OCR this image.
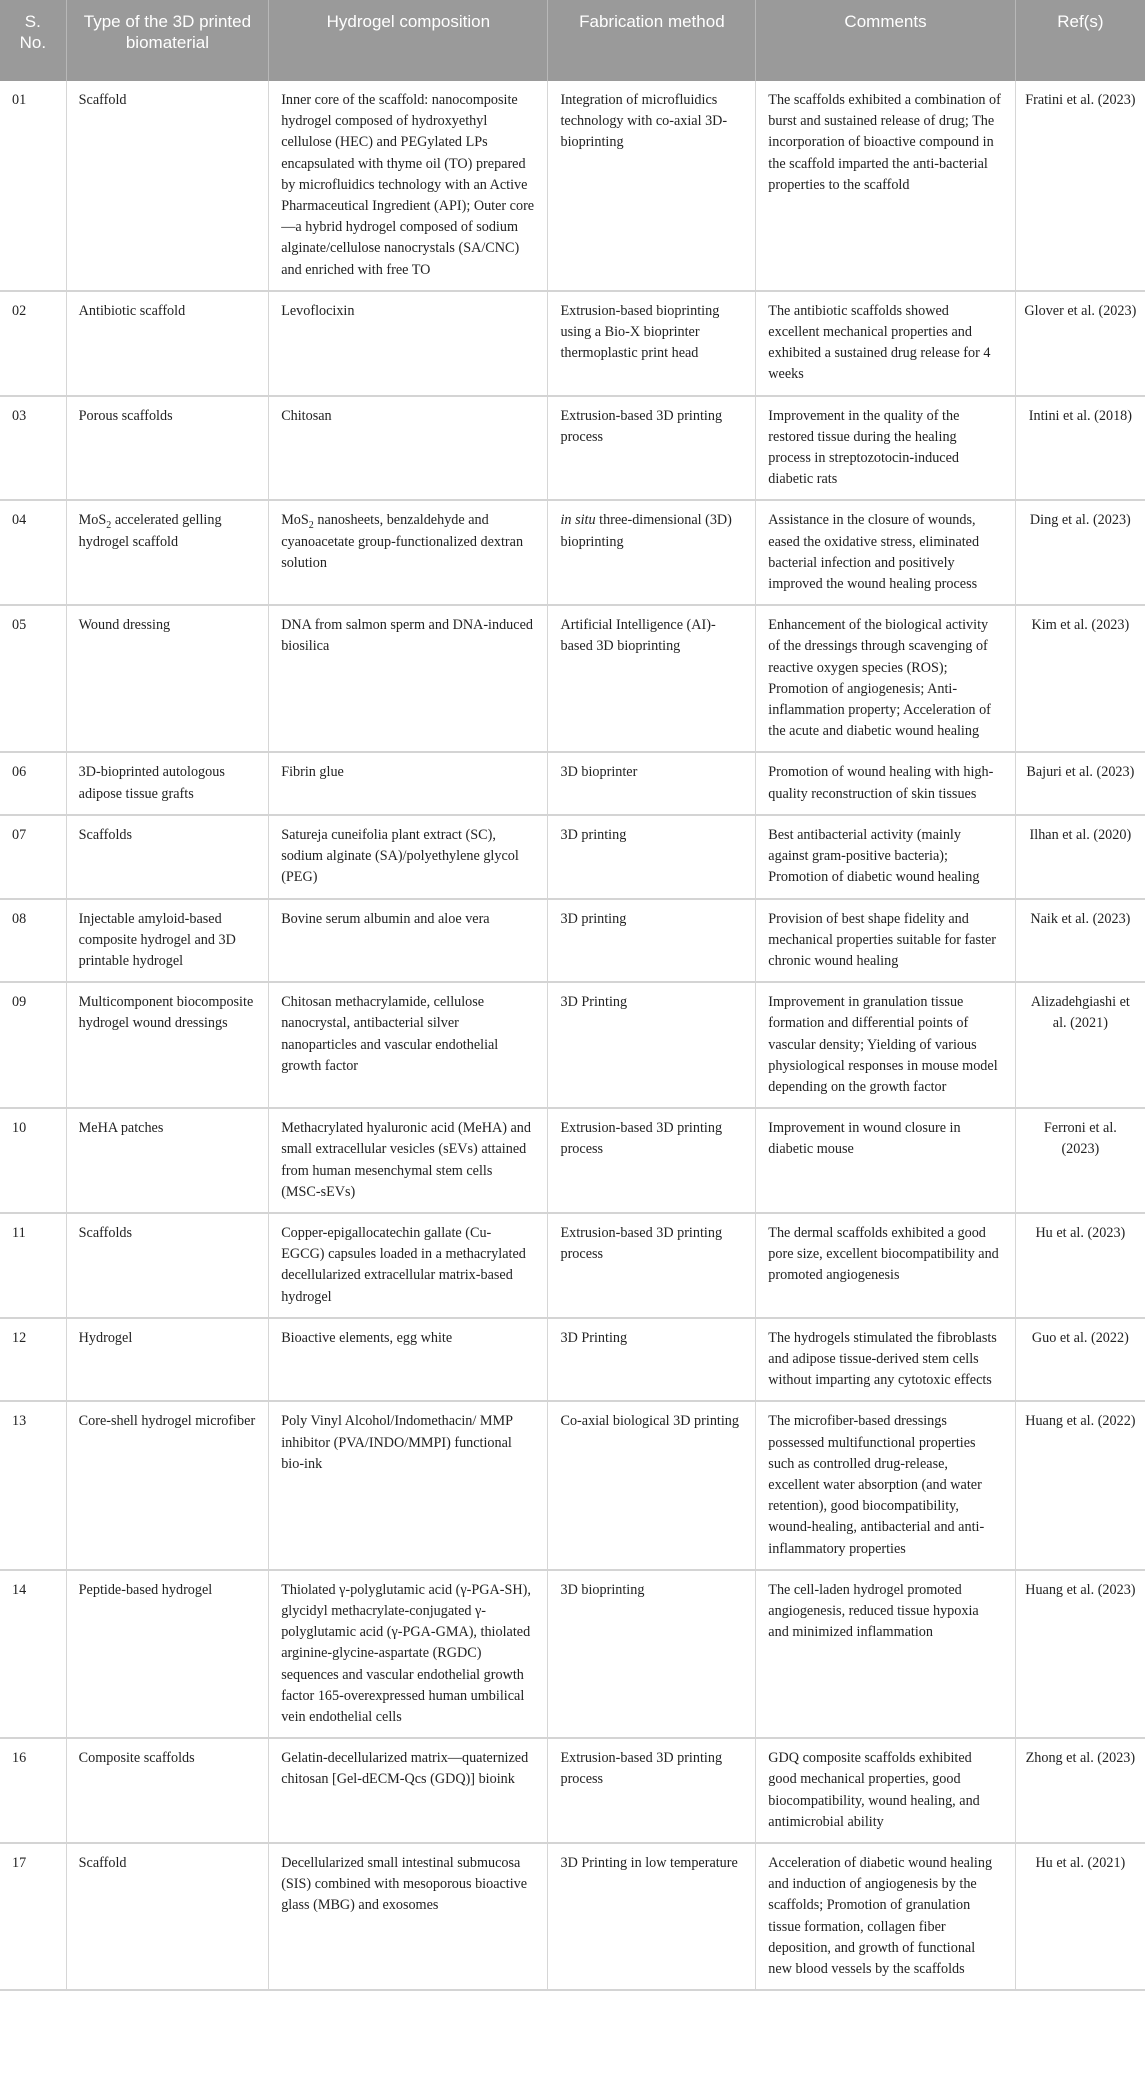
S. No.	Type of the 3D printed biomaterial	Hydrogel composition	Fabrication method	Comments	Ref(s)
01	Scaffold	Inner core of the scaffold: nanocomposite hydrogel composed of hydroxyethyl cellulose (HEC) and PEGylated LPs encapsulated with thyme oil (TO) prepared by microfluidics technology with an Active Pharmaceutical Ingredient (API); Outer core—a hybrid hydrogel composed of sodium alginate/cellulose nanocrystals (SA/CNC) and enriched with free TO	Integration of microfluidics technology with co-axial 3D-bioprinting	The scaffolds exhibited a combination of burst and sustained release of drug; The incorporation of bioactive compound in the scaffold imparted the anti-bacterial properties to the scaffold	Fratini et al. (2023)
02	Antibiotic scaffold	Levoflocixin	Extrusion-based bioprinting using a Bio-X bioprinter thermoplastic print head	The antibiotic scaffolds showed excellent mechanical properties and exhibited a sustained drug release for 4 weeks	Glover et al. (2023)
03	Porous scaffolds	Chitosan	Extrusion-based 3D printing process	Improvement in the quality of the restored tissue during the healing process in streptozotocin-induced diabetic rats	Intini et al. (2018)
04	MoS$_2$ accelerated gelling hydrogel scaffold	MoS$_2$ nanosheets, benzaldehyde and cyanoacetate group-functionalized dextran solution	in situ three-dimensional (3D) bioprinting	Assistance in the closure of wounds, eased the oxidative stress, eliminated bacterial infection and positively improved the wound healing process	Ding et al. (2023)
05	Wound dressing	DNA from salmon sperm and DNA-induced biosilica	Artificial Intelligence (AI)-based 3D bioprinting	Enhancement of the biological activity of the dressings through scavenging of reactive oxygen species (ROS); Promotion of angiogenesis; Anti-inflammation property; Acceleration of the acute and diabetic wound healing	Kim et al. (2023)
06	3D-bioprinted autologous adipose tissue grafts	Fibrin glue	3D bioprinter	Promotion of wound healing with high-quality reconstruction of skin tissues	Bajuri et al. (2023)
07	Scaffolds	Satureja cuneifolia plant extract (SC), sodium alginate (SA)/polyethylene glycol (PEG)	3D printing	Best antibacterial activity (mainly against gram-positive bacteria); Promotion of diabetic wound healing	Ilhan et al. (2020)
08	Injectable amyloid-based composite hydrogel and 3D printable hydrogel	Bovine serum albumin and aloe vera	3D printing	Provision of best shape fidelity and mechanical properties suitable for faster chronic wound healing	Naik et al. (2023)
09	Multicomponent biocomposite hydrogel wound dressings	Chitosan methacrylamide, cellulose nanocrystal, antibacterial silver nanoparticles and vascular endothelial growth factor	3D Printing	Improvement in granulation tissue formation and differential points of vascular density; Yielding of various physiological responses in mouse model depending on the growth factor	Alizadehgiashi et al. (2021)
10	MeHA patches	Methacrylated hyaluronic acid (MeHA) and small extracellular vesicles (sEVs) attained from human mesenchymal stem cells (MSC-sEVs)	Extrusion-based 3D printing process	Improvement in wound closure in diabetic mouse	Ferroni et al. (2023)
11	Scaffolds	Copper-epigallocatechin gallate (Cu-EGCG) capsules loaded in a methacrylated decellularized extracellular matrix-based hydrogel	Extrusion-based 3D printing process	The dermal scaffolds exhibited a good pore size, excellent biocompatibility and promoted angiogenesis	Hu et al. (2023)
12	Hydrogel	Bioactive elements, egg white	3D Printing	The hydrogels stimulated the fibroblasts and adipose tissue-derived stem cells without imparting any cytotoxic effects	Guo et al. (2022)
13	Core-shell hydrogel microfiber	Poly Vinyl Alcohol/Indomethacin/ MMP inhibitor (PVA/INDO/MMPI) functional bio-ink	Co-axial biological 3D printing	The microfiber-based dressings possessed multifunctional properties such as controlled drug-release, excellent water absorption (and water retention), good biocompatibility, wound-healing, antibacterial and anti-inflammatory properties	Huang et al. (2022)
14	Peptide-based hydrogel	Thiolated γ-polyglutamic acid (γ-PGA-SH), glycidyl methacrylate-conjugated γ-polyglutamic acid (γ-PGA-GMA), thiolated arginine-glycine-aspartate (RGDC) sequences and vascular endothelial growth factor 165-overexpressed human umbilical vein endothelial cells	3D bioprinting	The cell-laden hydrogel promoted angiogenesis, reduced tissue hypoxia and minimized inflammation	Huang et al. (2023)
16	Composite scaffolds	Gelatin-decellularized matrix—quaternized chitosan [Gel-dECM-Qcs (GDQ)] bioink	Extrusion-based 3D printing process	GDQ composite scaffolds exhibited good mechanical properties, good biocompatibility, wound healing, and antimicrobial ability	Zhong et al. (2023)
17	Scaffold	Decellularized small intestinal submucosa (SIS) combined with mesoporous bioactive glass (MBG) and exosomes	3D Printing in low temperature	Acceleration of diabetic wound healing and induction of angiogenesis by the scaffolds; Promotion of granulation tissue formation, collagen fiber deposition, and growth of functional new blood vessels by the scaffolds	Hu et al. (2021)
